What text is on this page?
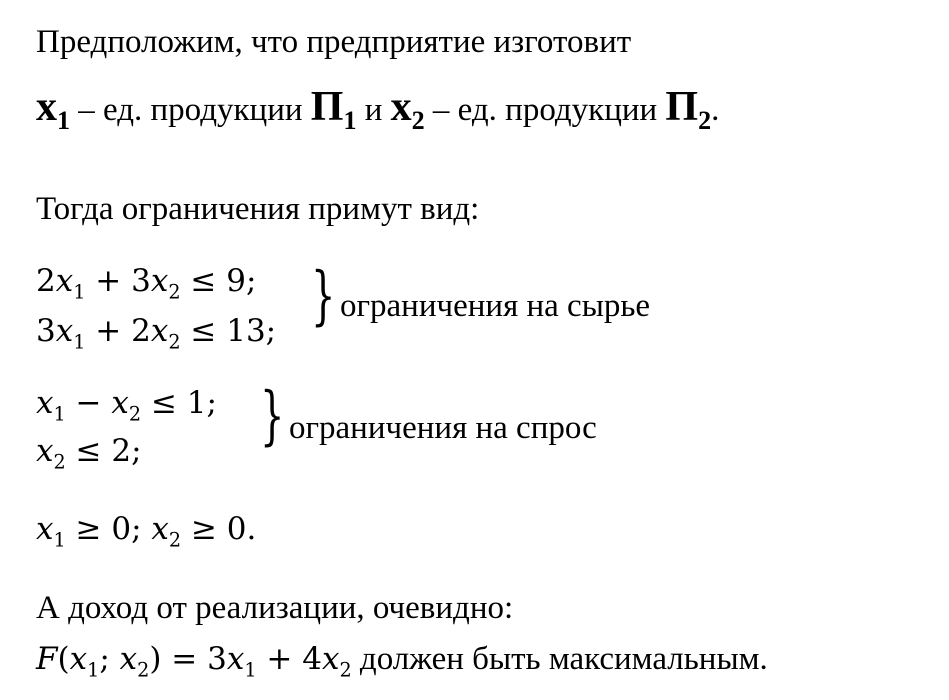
Предположим, что предприятие изготовит
$x_1$ – ед. продукции $П_1$ и $x_2$ – ед. продукции $П_2$.
Тогда ограничения примут вид:
$2x_1 + 3x_2 \le 9$;
$3x_1 + 2x_2 \le 13$; } ограничения на сырье
$x_1 - x_2 \le 1$;
$x_2 \le 2$; } ограничения на спрос
$x_1 \ge 0$; $x_2 \ge 0$.
А доход от реализации, очевидно:
$F(x_1$; $x_2) = 3x_1 + 4x_2$ должен быть максимальным.
